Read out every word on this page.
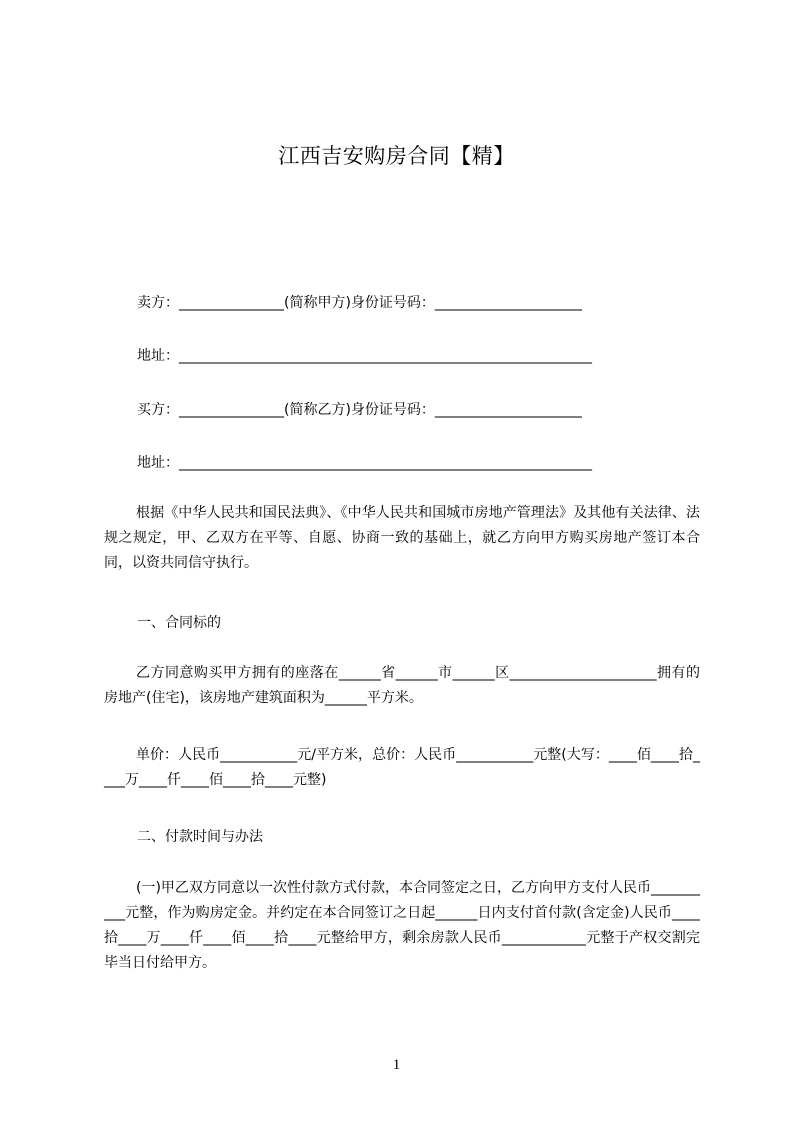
江西吉安购房合同【精】
卖方：_______________(简称甲方)身份证号码：_____________________
地址：___________________________________________________________
买方：_______________(简称乙方)身份证号码：_____________________
地址：___________________________________________________________
根据《中华人民共和国民法典》、《中华人民共和国城市房地产管理法》及其他有关法律、法规之规定，甲、乙双方在平等、自愿、协商一致的基础上，就乙方向甲方购买房地产签订本合同，以资共同信守执行。
一、合同标的
乙方同意购买甲方拥有的座落在______省______市______区_____________________拥有的房地产(住宅)，该房地产建筑面积为______平方米。
单价：人民币___________元/平方米，总价：人民币___________元整(大写：____佰____拾____万____仟____佰____拾____元整)
二、付款时间与办法
(一)甲乙双方同意以一次性付款方式付款，本合同签定之日，乙方向甲方支付人民币__________元整，作为购房定金。并约定在本合同签订之日起______日内支付首付款(含定金)人民币____拾____万____仟____佰____拾____元整给甲方，剩余房款人民币____________元整于产权交割完毕当日付给甲方。
1
